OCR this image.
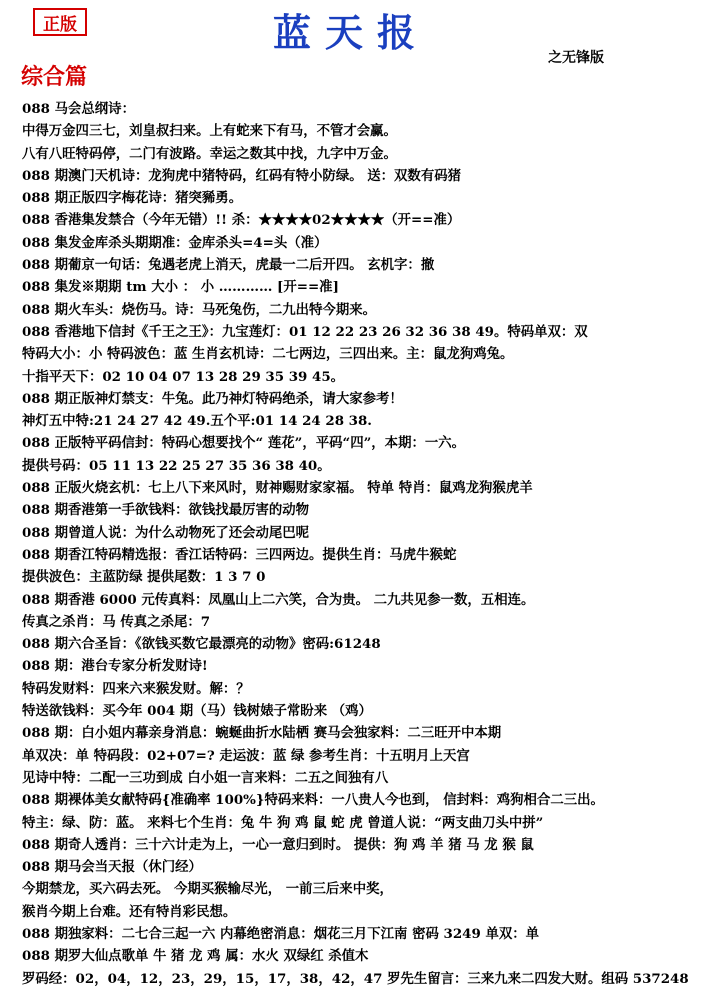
正版	蓝天报
之无锋版
综合篇
088 马会总纲诗：
中得万金四三七，刘皇叔扫来。上有蛇来下有马，不管才会赢。
八有八旺特码停，二门有波路。幸运之数其中找，九字中万金。
088 期澳门天机诗：龙狗虎中猪特码，红码有特小防绿。 送：双数有码猪
088 期正版四字梅花诗：猪突豨勇。
088 香港集发禁合（今年无错）!! 杀：★★★★02★★★★（开==准）
088 集发金库杀头期期准：金库杀头=4=头（准）
088 期葡京一句话：兔遇老虎上消天，虎最一二后开四。 玄机字：撤
088 集发※期期 tm 大小 ： 小 ………… [开==准]
088 期火车头：烧伤马。诗：马死兔伤，二九出特今期来。
088 香港地下信封《千王之王》：九宝莲灯：01 12 22 23 26 32 36 38 49。特码单双：双
特码大小：小 特码波色：蓝 生肖玄机诗：二七两边，三四出来。主：鼠龙狗鸡兔。
十指平天下：02 10 04 07 13 28 29 35 39 45。
088 期正版神灯禁支：牛兔。此乃神灯特码绝杀，请大家参考！
神灯五中特:21 24 27 42 49.五个平:01 14 24 28 38.
088 正版特平码信封：特码心想要找个“ 莲花”，平码“四”，本期：一六。
提供号码：05 11 13 22 25 27 35 36 38 40。
088 正版火烧玄机：七上八下来风时，财神赐财家家福。 特单 特肖：鼠鸡龙狗猴虎羊
088 期香港第一手欲钱料：欲钱找最厉害的动物
088 期曾道人说：为什么动物死了还会动尾巴呢
088 期香江特码精选报：香江话特码：三四两边。提供生肖：马虎牛猴蛇
提供波色：主蓝防绿 提供尾数：1 3 7 0
088 期香港 6000 元传真料：凤凰山上二六笑，合为贵。 二九共见参一数，五相连。
传真之杀肖：马 传真之杀尾：7
088 期六合圣旨：《欲钱买数它最漂亮的动物》密码:61248
088 期：港台专家分析发财诗!
特码发财料：四来六来猴发财。解：？
特送欲钱料：买今年 004 期（马）钱树婊子常盼来 （鸡）
088 期：白小姐内幕亲身消息：蜿蜒曲折水陆栖 赛马会独家料：二三旺开中本期
单双决：单 特码段：02+07=? 走运波：蓝 绿 参考生肖：十五明月上天宫
见诗中特：二配一三功到成 白小姐一言来料：二五之间独有八
088 期裸体美女献特码{准确率 100%}特码来料：一八贵人今也到， 信封料：鸡狗相合二三出。
特主：绿、防：蓝。 来料七个生肖：兔 牛 狗 鸡 鼠 蛇 虎 曾道人说：“两支曲刀头中拼”
088 期奇人透肖：三十六计走为上，一心一意归到时。 提供：狗 鸡 羊 猪 马 龙 猴 鼠
088 期马会当天报（休门经）
今期禁龙，买六码去死。 今期买猴输尽光， 一前三后来中奖，
猴肖今期上台难。还有特肖彩民想。
088 期独家料：二七合三起一六 内幕绝密消息：烟花三月下江南 密码 3249 单双：单
088 期罗大仙点歌单 牛 猪 龙 鸡 属：水火 双绿红 杀值木
罗码经：02，04，12，23，29，15，17，38，42，47 罗先生留言：三来九来二四发大财。组码 537248
